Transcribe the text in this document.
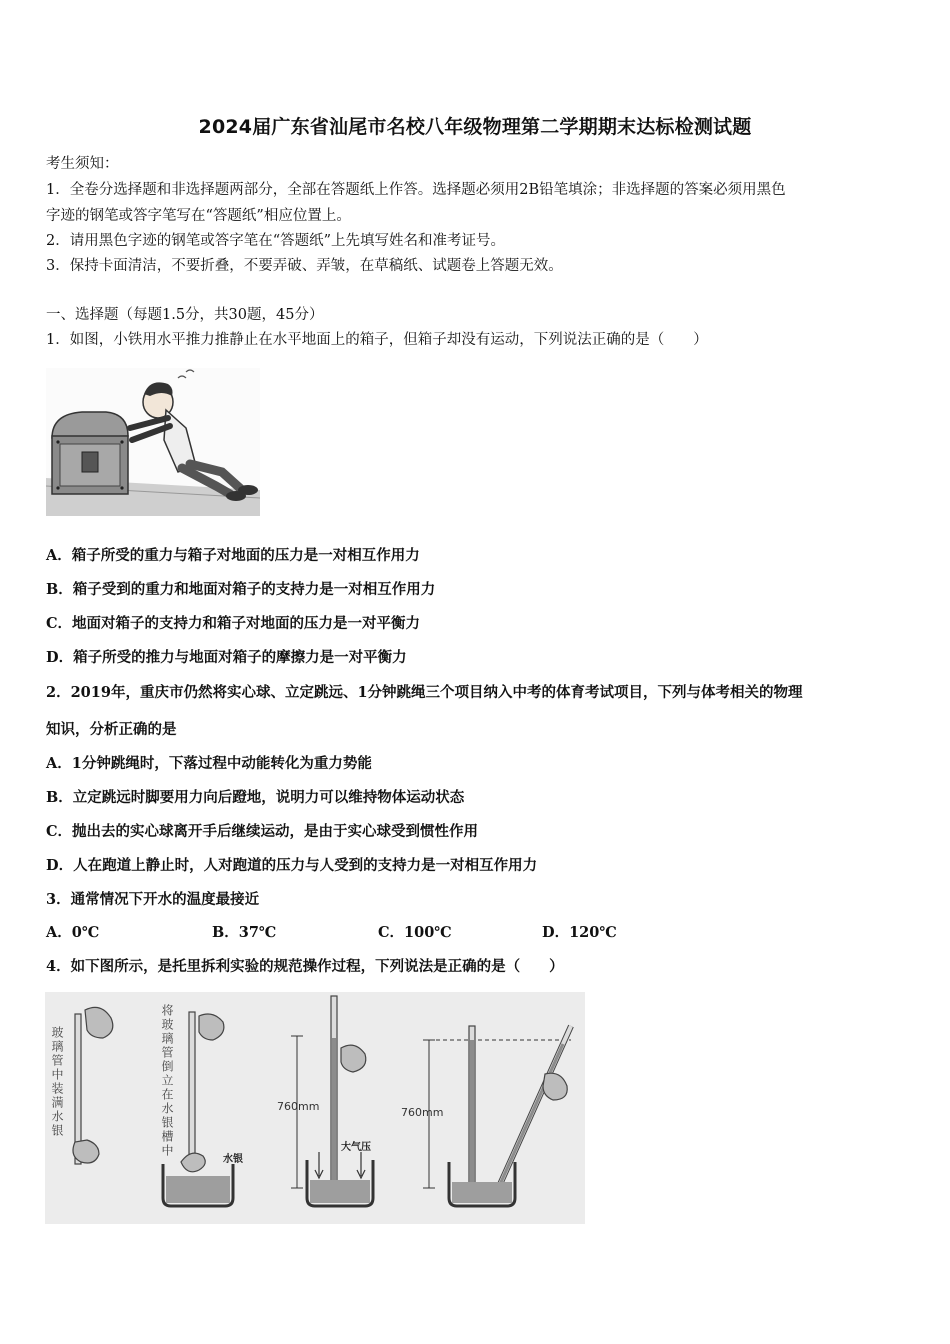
2024届广东省汕尾市名校八年级物理第二学期期末达标检测试题
考生须知：
1．全卷分选择题和非选择题两部分，全部在答题纸上作答。选择题必须用2B铅笔填涂；非选择题的答案必须用黑色
字迹的钢笔或答字笔写在“答题纸”相应位置上。
2．请用黑色字迹的钢笔或答字笔在“答题纸”上先填写姓名和准考证号。
3．保持卡面清洁，不要折叠，不要弄破、弄皱，在草稿纸、试题卷上答题无效。
一、选择题（每题1.5分，共30题，45分）
1．如图，小铁用水平推力推静止在水平地面上的箱子，但箱子却没有运动，下列说法正确的是（　　）
A．箱子所受的重力与箱子对地面的压力是一对相互作用力
B．箱子受到的重力和地面对箱子的支持力是一对相互作用力
C．地面对箱子的支持力和箱子对地面的压力是一对平衡力
D．箱子所受的推力与地面对箱子的摩擦力是一对平衡力
2．2019年，重庆市仍然将实心球、立定跳远、1分钟跳绳三个项目纳入中考的体育考试项目，下列与体考相关的物理
知识，分析正确的是
A．1分钟跳绳时，下落过程中动能转化为重力势能
B．立定跳远时脚要用力向后蹬地，说明力可以维持物体运动状态
C．抛出去的实心球离开手后继续运动，是由于实心球受到惯性作用
D．人在跑道上静止时，人对跑道的压力与人受到的支持力是一对相互作用力
3．通常情况下开水的温度最接近
A．0℃	B．37℃	C．100℃	D．120℃
4．如下图所示，是托里拆利实验的规范操作过程，下列说法是正确的是（　　）
玻璃管中装满水银	将玻璃管倒立在水银槽中
水银
760mm
大气压
760mm
